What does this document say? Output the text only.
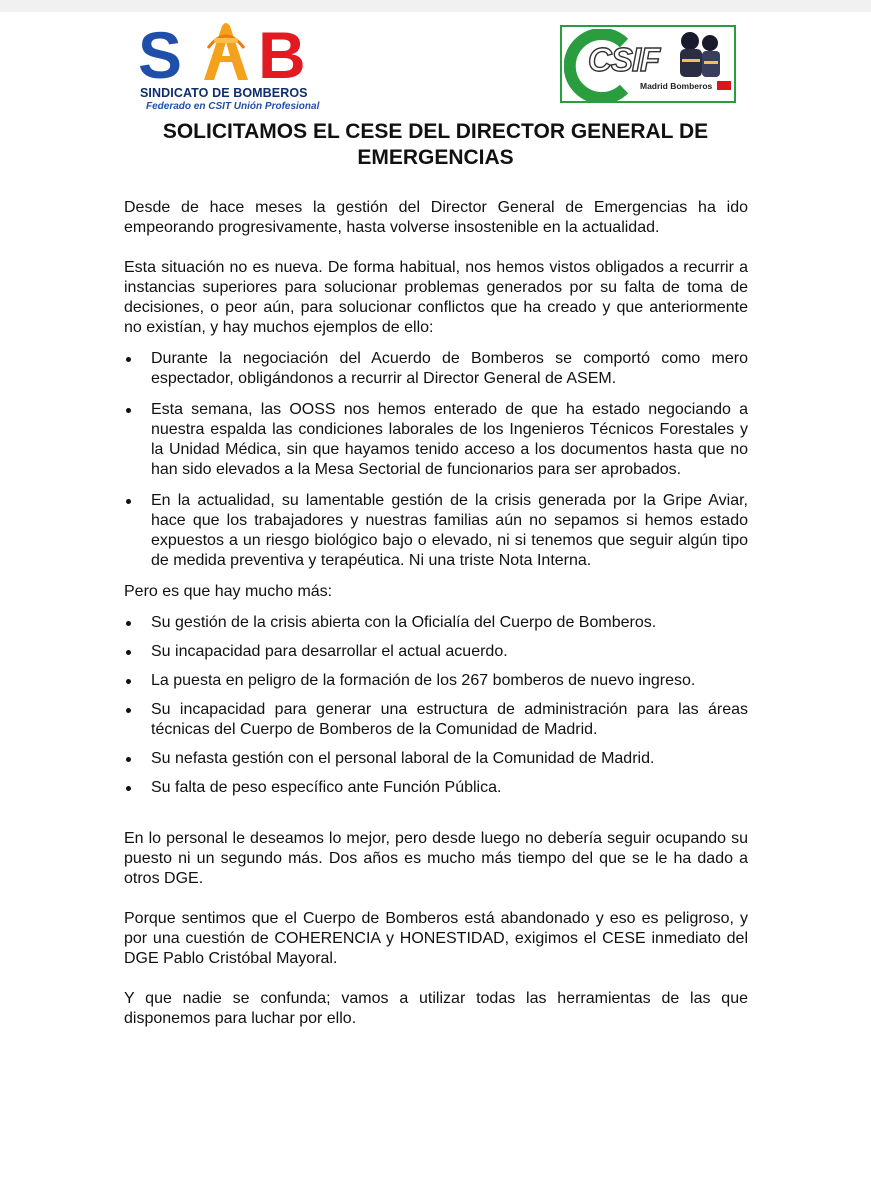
S B
SINDICATO DE BOMBEROS
Federado en CSIT Unión Profesional
CSIF
Madrid Bomberos
SOLICITAMOS EL CESE DEL DIRECTOR GENERAL DE EMERGENCIAS

Desde de hace meses la gestión del Director General de Emergencias ha ido empeorando progresivamente, hasta volverse insostenible en la actualidad.

Esta situación no es nueva. De forma habitual, nos hemos vistos obligados a recurrir a instancias superiores para solucionar problemas generados por su falta de toma de decisiones, o peor aún, para solucionar conflictos que ha creado y que anteriormente no existían, y hay muchos ejemplos de ello:

Durante la negociación del Acuerdo de Bomberos se comportó como mero espectador, obligándonos a recurrir al Director General de ASEM.
Esta semana, las OOSS nos hemos enterado de que ha estado negociando a nuestra espalda las condiciones laborales de los Ingenieros Técnicos Forestales y la Unidad Médica, sin que hayamos tenido acceso a los documentos hasta que no han sido elevados a la Mesa Sectorial de funcionarios para ser aprobados.
En la actualidad, su lamentable gestión de la crisis generada por la Gripe Aviar, hace que los trabajadores y nuestras familias aún no sepamos si hemos estado expuestos a un riesgo biológico bajo o elevado, ni si tenemos que seguir algún tipo de medida preventiva y terapéutica. Ni una triste Nota Interna.

Pero es que hay mucho más:

Su gestión de la crisis abierta con la Oficialía del Cuerpo de Bomberos.
Su incapacidad para desarrollar el actual acuerdo.
La puesta en peligro de la formación de los 267 bomberos de nuevo ingreso.
Su incapacidad para generar una estructura de administración para las áreas técnicas del Cuerpo de Bomberos de la Comunidad de Madrid.
Su nefasta gestión con el personal laboral de la Comunidad de Madrid.
Su falta de peso específico ante Función Pública.

En lo personal le deseamos lo mejor, pero desde luego no debería seguir ocupando su puesto ni un segundo más. Dos años es mucho más tiempo del que se le ha dado a otros DGE.

Porque sentimos que el Cuerpo de Bomberos está abandonado y eso es peligroso, y por una cuestión de COHERENCIA y HONESTIDAD, exigimos el CESE inmediato del DGE Pablo Cristóbal Mayoral.

Y que nadie se confunda; vamos a utilizar todas las herramientas de las que disponemos para luchar por ello.
